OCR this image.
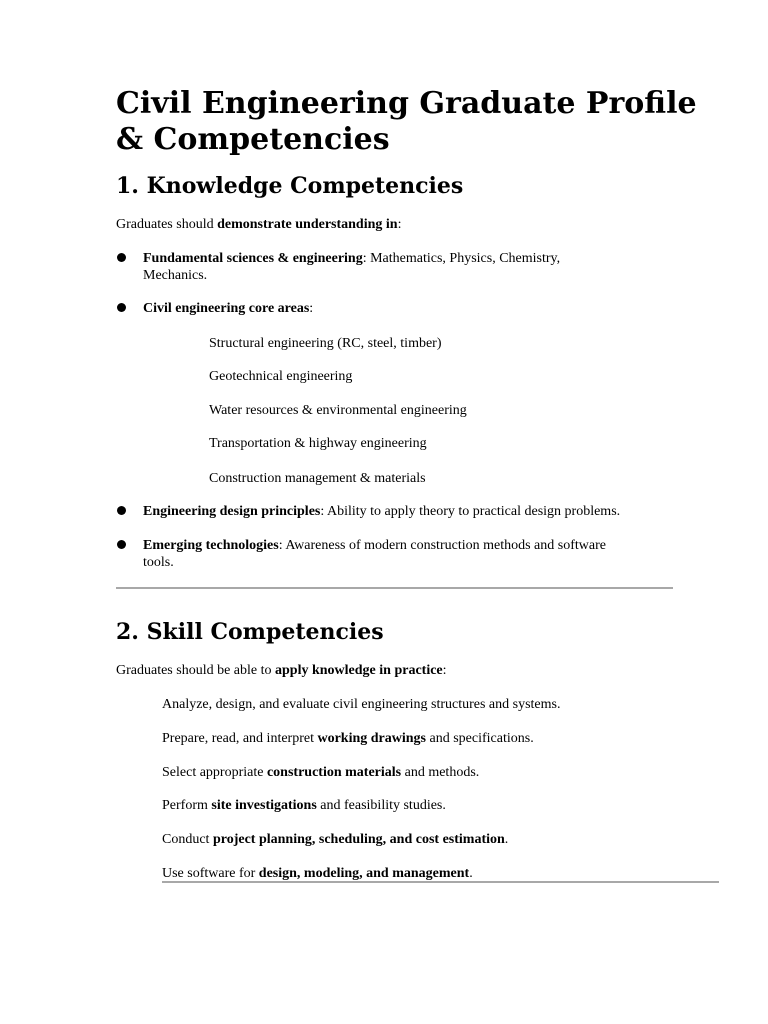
Civil Engineering Graduate Profile & Competencies
1. Knowledge Competencies
Graduates should demonstrate understanding in:
Fundamental sciences & engineering: Mathematics, Physics, Chemistry, Mechanics.
Civil engineering core areas:
Structural engineering (RC, steel, timber)
Geotechnical engineering
Water resources & environmental engineering
Transportation & highway engineering
Construction management & materials
Engineering design principles: Ability to apply theory to practical design problems.
Emerging technologies: Awareness of modern construction methods and software tools.
2. Skill Competencies
Graduates should be able to apply knowledge in practice:
Analyze, design, and evaluate civil engineering structures and systems.
Prepare, read, and interpret working drawings and specifications.
Select appropriate construction materials and methods.
Perform site investigations and feasibility studies.
Conduct project planning, scheduling, and cost estimation.
Use software for design, modeling, and management.
